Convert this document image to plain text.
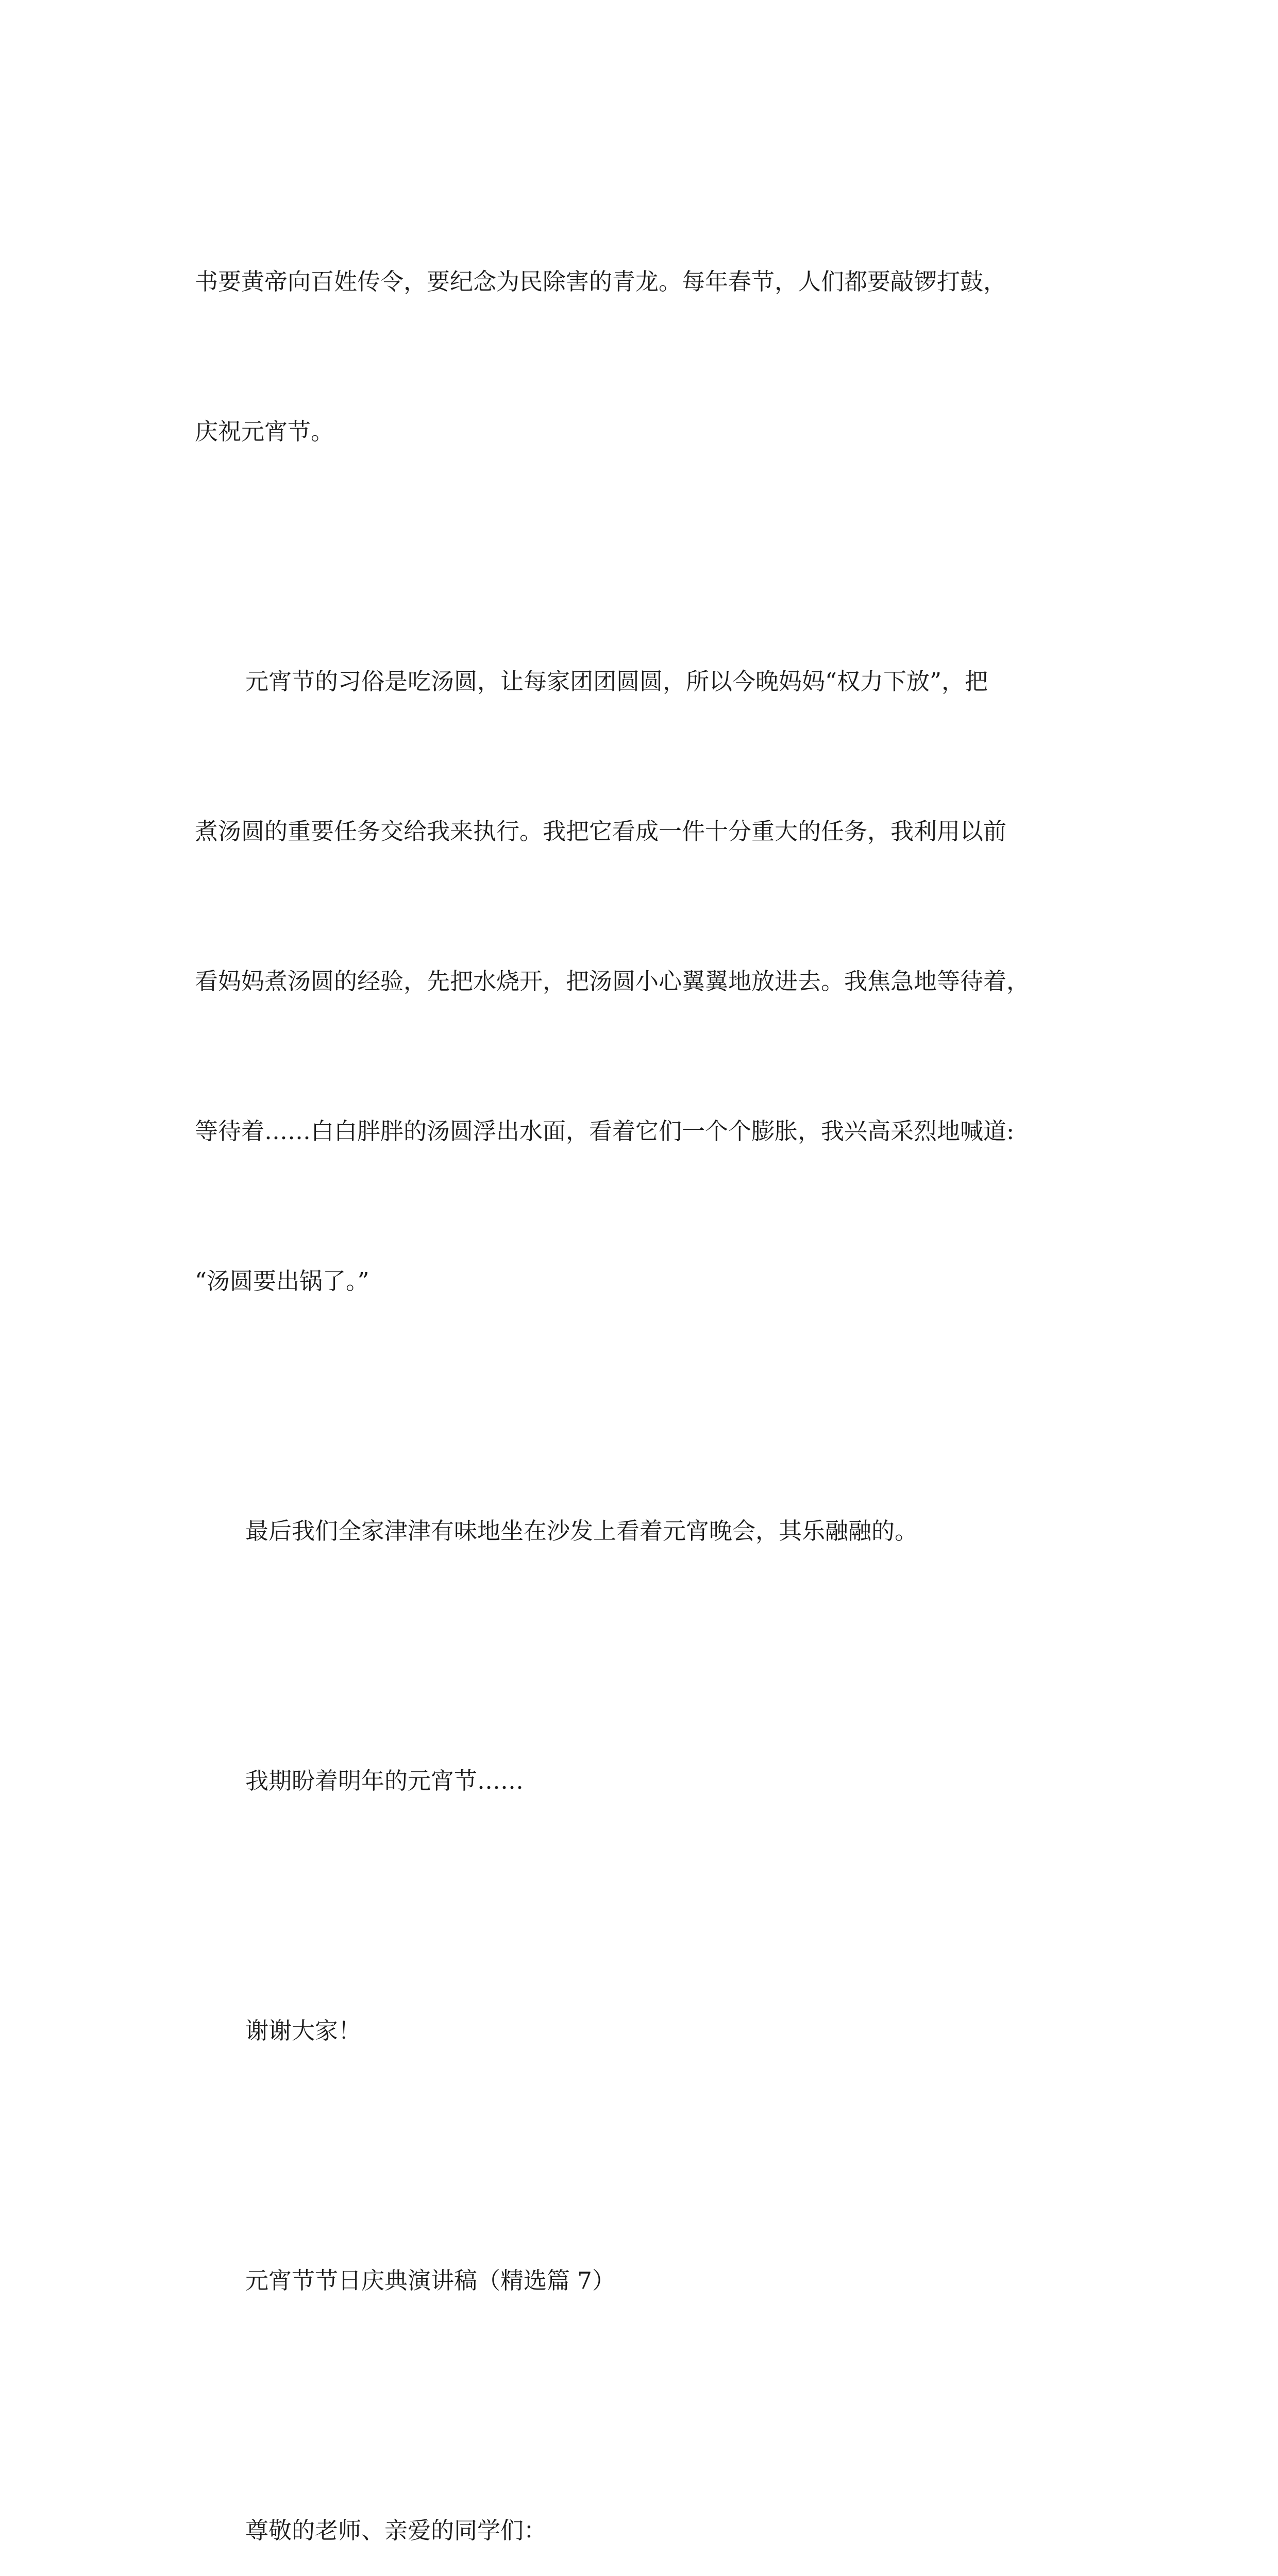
书要黄帝向百姓传令，要纪念为民除害的青龙。每年春节，人们都要敲锣打鼓，

庆祝元宵节。

元宵节的习俗是吃汤圆，让每家团团圆圆，所以今晚妈妈“权力下放”，把

煮汤圆的重要任务交给我来执行。我把它看成一件十分重大的任务，我利用以前

看妈妈煮汤圆的经验，先把水烧开，把汤圆小心翼翼地放进去。我焦急地等待着，

等待着……白白胖胖的汤圆浮出水面，看着它们一个个膨胀，我兴高采烈地喊道:

“汤圆要出锅了。”

最后我们全家津津有味地坐在沙发上看着元宵晚会，其乐融融的。

我期盼着明年的元宵节……

谢谢大家！

元宵节节日庆典演讲稿（精选篇 7）

尊敬的老师、亲爱的同学们：
